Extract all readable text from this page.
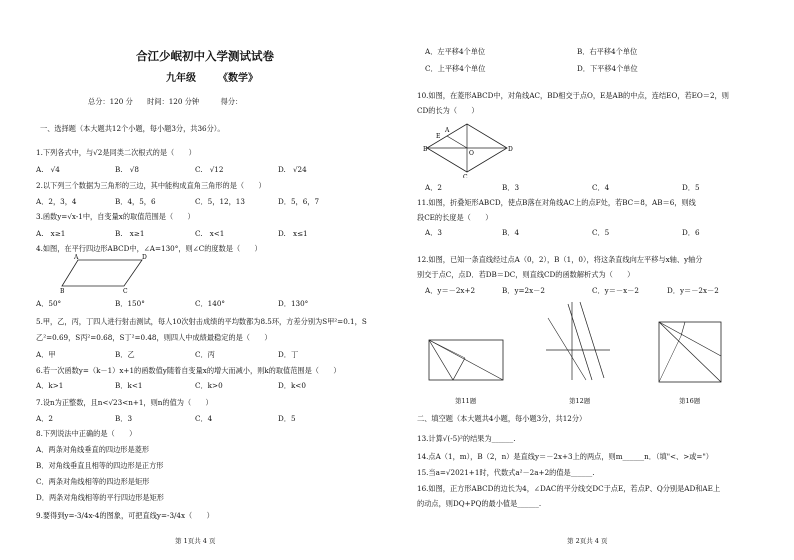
合江少岷初中入学测试试卷
九年级 《数学》
总分：120 分　　时间：120 分钟　　　得分：
一、选择题（本大题共12个小题，每小题3分，共36分）。
1.下列各式中，与√2是同类二次根式的是（　　）
A.　√4	B.　√8	C.　√12	D.　√24
2.以下列三个数据为三角形的三边，其中能构成直角三角形的是（　　）
A．2，3，4	B．4，5，6	C．5，12，13	D．5，6，7
3.函数y=√x-1中，自变量x的取值范围是（　　）
A.　x≥1	B.　x≥1	C.　x<1	D.　x≤1
4.如图，在平行四边形ABCD中，∠A=130°，则∠C的度数是（　　）
A
B	C
D
A．50°	B．150°	C．140°	D．130°
5.甲，乙，丙，丁四人进行射击测试，每人10次射击成绩的平均数都为8.5环，方差分别为S甲²=0.1，S
乙²=0.69，S丙²=0.68，S丁²=0.48，则四人中成绩最稳定的是（　　）
A．甲	B．乙	C．丙	D．丁
6.若一次函数y=（k－1）x+1的函数值y随着自变量x的增大而减小，则k的取值范围是（　　）
A．k>1	B．k<1	C．k>0	D．k<0
7.设n为正整数，且n<√23<n+1，则n的值为（　　）
A．2	B．3	C．4	D．5
8.下列说法中正确的是（　　）
A．两条对角线垂直的四边形是菱形
B．对角线垂直且相等的四边形是正方形
C．两条对角线相等的四边形是矩形
D．两条对角线相等的平行四边形是矩形
9.要得到y=-3/4x-4的图象，可把直线y=-3/4x（　　）
第 1页共 4 页
A．左平移4个单位	B．右平移4个单位
C．上平移4个单位	D．下平移4个单位
10.如图，在菱形ABCD中，对角线AC，BD相交于点O，E是AB的中点，连结EO，若EO＝2，则
CD的长为（　　）
A
B
C
D
E
O
A．2	B．3	C．4	D．5
11.如图，折叠矩形ABCD，使点B落在对角线AC上的点F处，若BC＝8，AB＝6，则线
段CE的长度是（　　）
A．3	B．4	C．5	D．6
12.如图，已知一条直线经过点A（0，2），B（1，0），将这条直线向左平移与x轴、y轴分
别交于点C，点D．若DB＝DC，则直线CD的函数解析式为（　　）
A．y＝－2x+2	B．y=2x－2	C．y＝－x－2	D．y＝－2x－2
第11题	第12题	第16题
二、填空题（本大题共4小题，每小题3分，共12分）
13.计算√(-5)²的结果为______.
14.点A（1，m），B（2，n）是直线y＝－2x+3上的两点，则m______n．（填"<、>或="）
15.当a=√2021+1时，代数式a²－2a+2的值是______.
16.如图，正方形ABCD的边长为4，∠DAC的平分线交DC于点E，若点P、Q分别是AD和AE上
的动点，则DQ+PQ的最小值是______.
第 2页共 4 页
